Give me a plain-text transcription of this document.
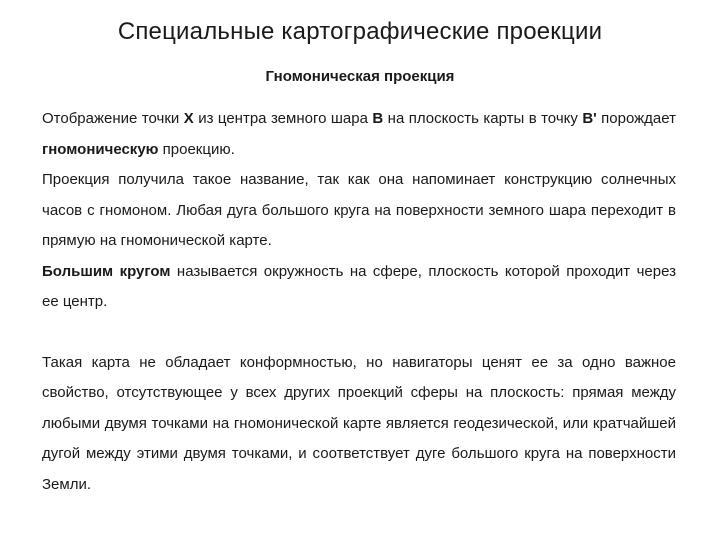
Специальные картографические проекции
Гномоническая проекция

Отображение точки Х из центра земного шара В на плоскость карты в точку В' порождает гномоническую проекцию.

Проекция получила такое название, так как она напоминает конструкцию солнечных часов с гномоном. Любая дуга большого круга на поверхности земного шара переходит в прямую на гномонической карте.

Большим кругом называется окружность на сфере, плоскость которой проходит через ее центр.

Такая карта не обладает конформностью, но навигаторы ценят ее за одно важное свойство, отсутствующее у всех других проекций сферы на плоскость: прямая между любыми двумя точками на гномонической карте является геодезической, или кратчайшей дугой между этими двумя точками, и соответствует дуге большого круга на поверхности Земли.
